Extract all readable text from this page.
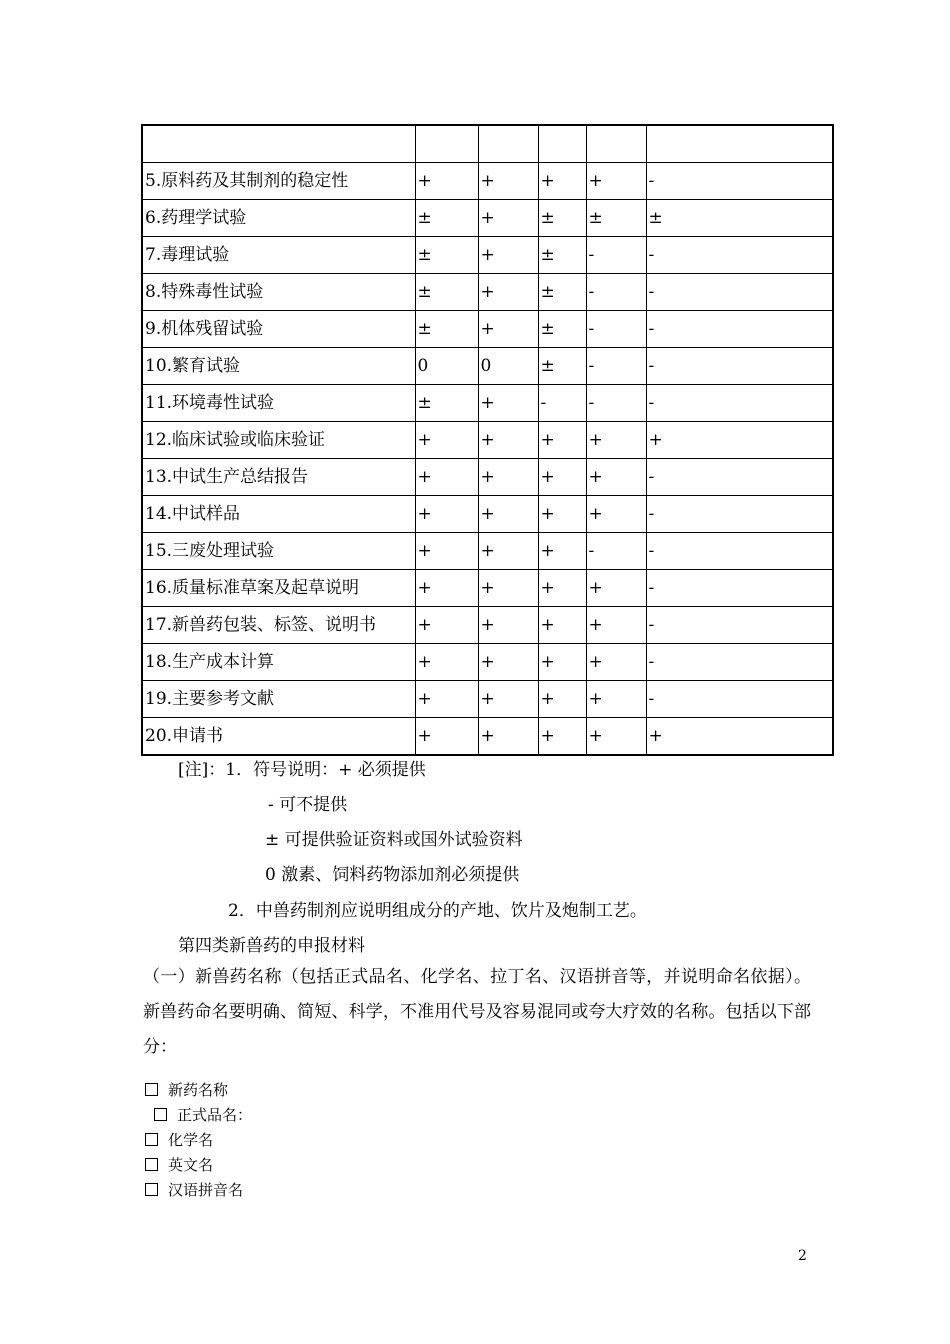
5.原料药及其制剂的稳定性	+	+	+	+	-
6.药理学试验	±	+	±	±	±
7.毒理试验	±	+	±	-	-
8.特殊毒性试验	±	+	±	-	-
9.机体残留试验	±	+	±	-	-
10.繁育试验	0	0	±	-	-
11.环境毒性试验	±	+	-	-	-
12.临床试验或临床验证	+	+	+	+	+
13.中试生产总结报告	+	+	+	+	-
14.中试样品	+	+	+	+	-
15.三废处理试验	+	+	+	-	-
16.质量标准草案及起草说明	+	+	+	+	-
17.新兽药包装、标签、说明书	+	+	+	+	-
18.生产成本计算	+	+	+	+	-
19.主要参考文献	+	+	+	+	-
20.申请书	+	+	+	+	+
[注]：1．符号说明：+ 必须提供
- 可不提供
± 可提供验证资料或国外试验资料
0 激素、饲料药物添加剂必须提供
2．中兽药制剂应说明组成分的产地、饮片及炮制工艺。
第四类新兽药的申报材料
（一）新兽药名称（包括正式品名、化学名、拉丁名、汉语拼音等，并说明命名依据）。新兽药命名要明确、简短、科学，不准用代号及容易混同或夸大疗效的名称。包括以下部分：
新药名称
正式品名：
化学名
英文名
汉语拼音名
2
